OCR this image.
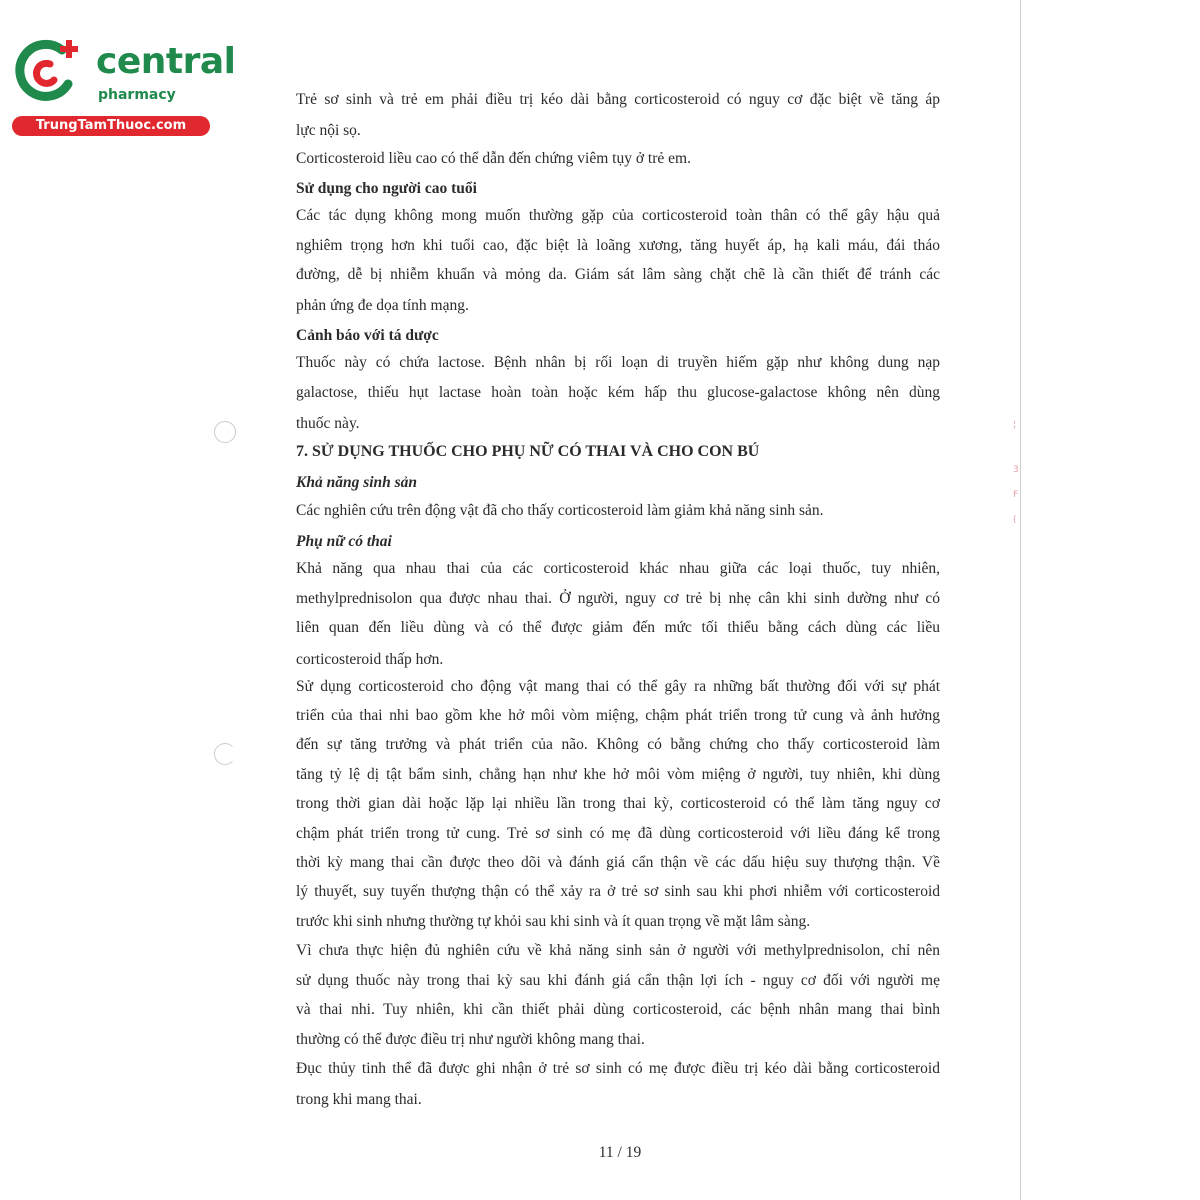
central
pharmacy
TrungTamThuoc.com
¦
3
F
(
Trẻ sơ sinh và trẻ em phải điều trị kéo dài bằng corticosteroid có nguy cơ đặc biệt về tăng áp
lực nội sọ.
Corticosteroid liều cao có thể dẫn đến chứng viêm tụy ở trẻ em.
Sử dụng cho người cao tuổi
Các tác dụng không mong muốn thường gặp của corticosteroid toàn thân có thể gây hậu quả
nghiêm trọng hơn khi tuổi cao, đặc biệt là loãng xương, tăng huyết áp, hạ kali máu, đái tháo
đường, dễ bị nhiễm khuẩn và mỏng da. Giám sát lâm sàng chặt chẽ là cần thiết để tránh các
phản ứng đe dọa tính mạng.
Cảnh báo với tá dược
Thuốc này có chứa lactose. Bệnh nhân bị rối loạn di truyền hiếm gặp như không dung nạp
galactose, thiếu hụt lactase hoàn toàn hoặc kém hấp thu glucose-galactose không nên dùng
thuốc này.
7. SỬ DỤNG THUỐC CHO PHỤ NỮ CÓ THAI VÀ CHO CON BÚ
Khả năng sinh sản
Các nghiên cứu trên động vật đã cho thấy corticosteroid làm giảm khả năng sinh sản.
Phụ nữ có thai
Khả năng qua nhau thai của các corticosteroid khác nhau giữa các loại thuốc, tuy nhiên,
methylprednisolon qua được nhau thai. Ở người, nguy cơ trẻ bị nhẹ cân khi sinh dường như có
liên quan đến liều dùng và có thể được giảm đến mức tối thiểu bằng cách dùng các liều
corticosteroid thấp hơn.
Sử dụng corticosteroid cho động vật mang thai có thể gây ra những bất thường đối với sự phát
triển của thai nhi bao gồm khe hở môi vòm miệng, chậm phát triển trong tử cung và ảnh hưởng
đến sự tăng trưởng và phát triển của não. Không có bằng chứng cho thấy corticosteroid làm
tăng tỷ lệ dị tật bẩm sinh, chẳng hạn như khe hở môi vòm miệng ở người, tuy nhiên, khi dùng
trong thời gian dài hoặc lặp lại nhiều lần trong thai kỳ, corticosteroid có thể làm tăng nguy cơ
chậm phát triển trong tử cung. Trẻ sơ sinh có mẹ đã dùng corticosteroid với liều đáng kể trong
thời kỳ mang thai cần được theo dõi và đánh giá cẩn thận về các dấu hiệu suy thượng thận. Về
lý thuyết, suy tuyến thượng thận có thể xảy ra ở trẻ sơ sinh sau khi phơi nhiễm với corticosteroid
trước khi sinh nhưng thường tự khỏi sau khi sinh và ít quan trọng về mặt lâm sàng.
Vì chưa thực hiện đủ nghiên cứu về khả năng sinh sản ở người với methylprednisolon, chỉ nên
sử dụng thuốc này trong thai kỳ sau khi đánh giá cẩn thận lợi ích - nguy cơ đối với người mẹ
và thai nhi. Tuy nhiên, khi cần thiết phải dùng corticosteroid, các bệnh nhân mang thai bình
thường có thể được điều trị như người không mang thai.
Đục thủy tinh thể đã được ghi nhận ở trẻ sơ sinh có mẹ được điều trị kéo dài bằng corticosteroid
trong khi mang thai.
11 / 19
